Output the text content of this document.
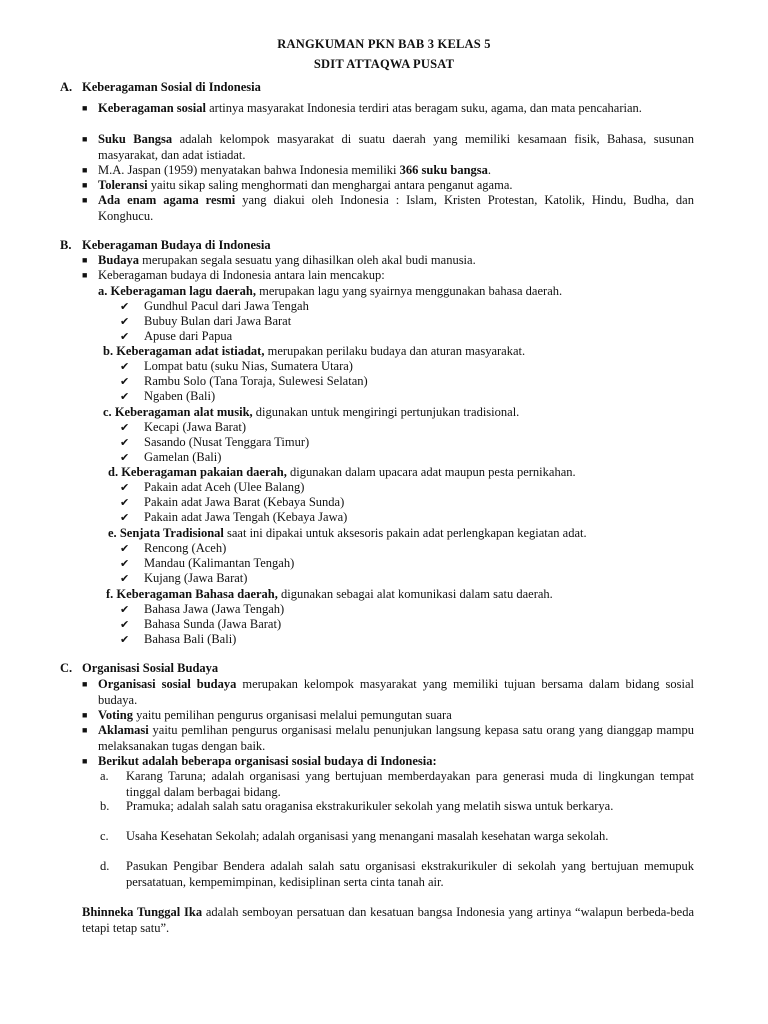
RANGKUMAN PKN BAB 3 KELAS 5
SDIT ATTAQWA PUSAT
A. Keberagaman Sosial di Indonesia
■ Keberagaman sosial artinya masyarakat Indonesia terdiri atas beragam suku, agama, dan mata pencaharian.
■ Suku Bangsa adalah kelompok masyarakat di suatu daerah yang memiliki kesamaan fisik, Bahasa, susunan masyarakat, dan adat istiadat.
■ M.A. Jaspan (1959) menyatakan bahwa Indonesia memiliki 366 suku bangsa.
■ Toleransi yaitu sikap saling menghormati dan menghargai antara penganut agama.
■ Ada enam agama resmi yang diakui oleh Indonesia : Islam, Kristen Protestan, Katolik, Hindu, Budha, dan Konghucu.
B. Keberagaman Budaya di Indonesia
■ Budaya merupakan segala sesuatu yang dihasilkan oleh akal budi manusia.
■ Keberagaman budaya di Indonesia antara lain mencakup:
a. Keberagaman lagu daerah, merupakan lagu yang syairnya menggunakan bahasa daerah.
✔ Gundhul Pacul dari Jawa Tengah
✔ Bubuy Bulan dari Jawa Barat
✔ Apuse dari Papua
b. Keberagaman adat istiadat, merupakan perilaku budaya dan aturan masyarakat.
✔ Lompat batu (suku Nias, Sumatera Utara)
✔ Rambu Solo (Tana Toraja, Sulewesi Selatan)
✔ Ngaben (Bali)
c. Keberagaman alat musik, digunakan untuk mengiringi pertunjukan tradisional.
✔ Kecapi (Jawa Barat)
✔ Sasando (Nusat Tenggara Timur)
✔ Gamelan (Bali)
d. Keberagaman pakaian daerah, digunakan dalam upacara adat maupun pesta pernikahan.
✔ Pakain adat Aceh (Ulee Balang)
✔ Pakain adat Jawa Barat (Kebaya Sunda)
✔ Pakain adat Jawa Tengah (Kebaya Jawa)
e. Senjata Tradisional saat ini dipakai untuk aksesoris pakain adat perlengkapan kegiatan adat.
✔ Rencong (Aceh)
✔ Mandau (Kalimantan Tengah)
✔ Kujang (Jawa Barat)
f. Keberagaman Bahasa daerah, digunakan sebagai alat komunikasi dalam satu daerah.
✔ Bahasa Jawa (Jawa Tengah)
✔ Bahasa Sunda (Jawa Barat)
✔ Bahasa Bali (Bali)
C. Organisasi Sosial Budaya
■ Organisasi sosial budaya merupakan kelompok masyarakat yang memiliki tujuan bersama dalam bidang sosial budaya.
■ Voting yaitu pemilihan pengurus organisasi melalui pemungutan suara
■ Aklamasi yaitu pemlihan pengurus organisasi melalu penunjukan langsung kepasa satu orang yang dianggap mampu melaksanakan tugas dengan baik.
■ Berikut adalah beberapa organisasi sosial budaya di Indonesia:
a. Karang Taruna; adalah organisasi yang bertujuan memberdayakan para generasi muda di lingkungan tempat tinggal dalam berbagai bidang.
b. Pramuka; adalah salah satu oraganisa ekstrakurikuler sekolah yang melatih siswa untuk berkarya.
c. Usaha Kesehatan Sekolah; adalah organisasi yang menangani masalah kesehatan warga sekolah.
d. Pasukan Pengibar Bendera adalah salah satu organisasi ekstrakurikuler di sekolah yang bertujuan memupuk persatatuan, kempemimpinan, kedisiplinan serta cinta tanah air.
Bhinneka Tunggal Ika adalah semboyan persatuan dan kesatuan bangsa Indonesia yang artinya “walapun berbeda-beda tetapi tetap satu”.
